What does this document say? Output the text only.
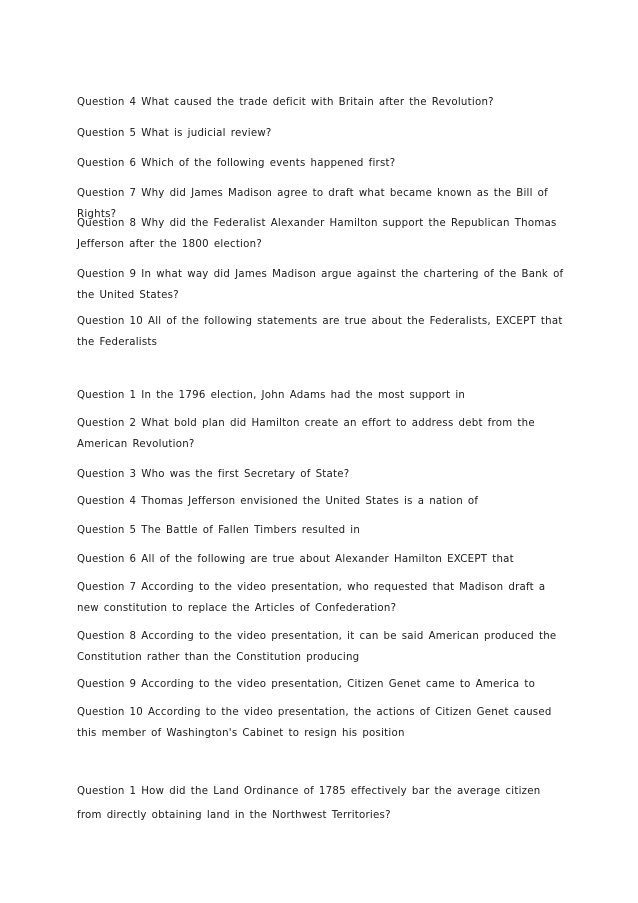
Question 4 What caused the trade deficit with Britain after the Revolution?

Question 5 What is judicial review?

Question 6 Which of the following events happened first?

Question 7 Why did James Madison agree to draft what became known as the Bill of Rights?

Question 8 Why did the Federalist Alexander Hamilton support the Republican Thomas Jefferson after the 1800 election?

Question 9 In what way did James Madison argue against the chartering of the Bank of the United States?

Question 10 All of the following statements are true about the Federalists, EXCEPT that the Federalists

Question 1 In the 1796 election, John Adams had the most support in

Question 2 What bold plan did Hamilton create an effort to address debt from the American Revolution?

Question 3 Who was the first Secretary of State?

Question 4 Thomas Jefferson envisioned the United States is a nation of

Question 5 The Battle of Fallen Timbers resulted in

Question 6 All of the following are true about Alexander Hamilton EXCEPT that

Question 7 According to the video presentation, who requested that Madison draft a new constitution to replace the Articles of Confederation?

Question 8 According to the video presentation, it can be said American produced the Constitution rather than the Constitution producing

Question 9 According to the video presentation, Citizen Genet came to America to

Question 10 According to the video presentation, the actions of Citizen Genet caused this member of Washington's Cabinet to resign his position

Question 1 How did the Land Ordinance of 1785 effectively bar the average citizen from directly obtaining land in the Northwest Territories?
